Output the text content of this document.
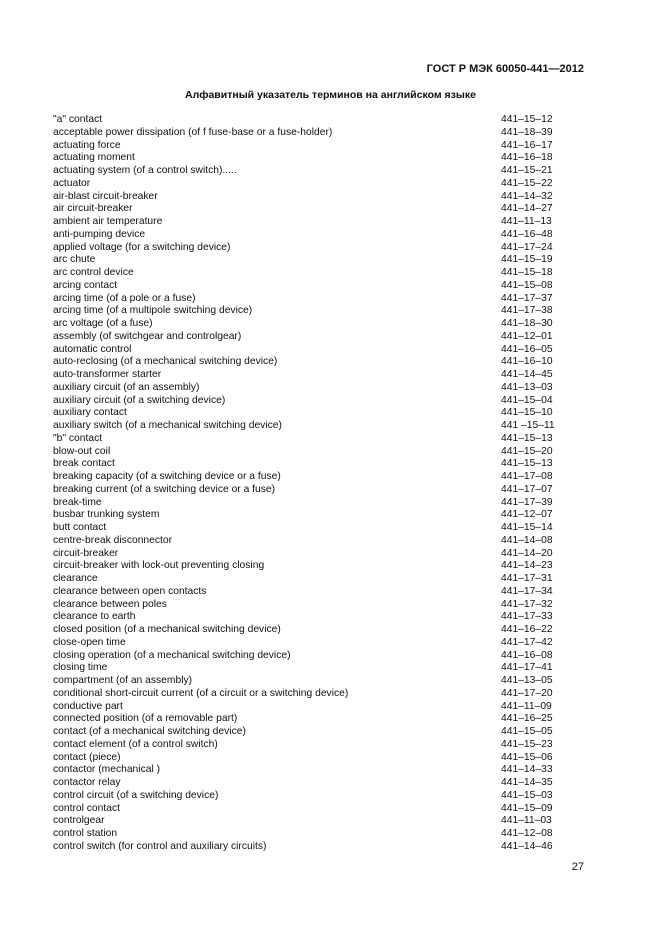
ГОСТ Р МЭК 60050-441—2012
Алфавитный указатель терминов на английском языке
"a" contact	441–15–12
acceptable power dissipation (of f fuse-base or a fuse-holder)	441–18–39
actuating force	441–16–17
actuating moment	441–16–18
actuating system (of a control switch).....	441–15–21
actuator	441–15–22
air-blast circuit-breaker	441–14–32
air circuit-breaker	441–14–27
ambient air temperature	441–11–13
anti-pumping device	441–16–48
applied voltage (for a switching device)	441–17–24
arc chute	441–15–19
arc control device	441–15–18
arcing contact	441–15–08
arcing time (of a pole or a fuse)	441–17–37
arcing time (of a multipole switching device)	441–17–38
arc voltage (of a fuse)	441–18–30
assembly (of switchgear and controlgear)	441–12–01
automatic control	441–16–05
auto-reclosing (of a mechanical switching device)	441–16–10
auto-transformer starter	441–14–45
auxiliary circuit (of an assembly)	441–13–03
auxiliary circuit (of a switching device)	441–15–04
auxiliary contact	441–15–10
auxiliary switch (of a mechanical switching device)	441 –15–11
"b" contact	441–15–13
blow-out coil	441–15–20
break contact	441–15–13
breaking capacity (of a switching device or a fuse)	441–17–08
breaking current (of a switching device or a fuse)	441–17–07
break-time	441–17–39
busbar trunking system	441–12–07
butt contact	441–15–14
centre-break disconnector	441–14–08
circuit-breaker	441–14–20
circuit-breaker with lock-out preventing closing	441–14–23
clearance	441–17–31
clearance between open contacts	441–17–34
clearance between poles	441–17–32
clearance to earth	441–17–33
closed position (of a mechanical switching device)	441–16–22
close-open time	441–17–42
closing operation (of a mechanical switching device)	441–16–08
closing time	441–17–41
compartment (of an assembly)	441–13–05
conditional short-circuit current (of a circuit or a switching device)	441–17–20
conductive part	441–11–09
connected position (of a removable part)	441–16–25
contact (of a mechanical switching device)	441–15–05
contact element (of a control switch)	441–15–23
contact (piece)	441–15–06
contactor (mechanical )	441–14–33
contactor relay	441–14–35
control circuit (of a switching device)	441–15–03
control contact	441–15–09
controlgear	441–11–03
control station	441–12–08
control switch (for control and auxiliary circuits)	441–14–46
27
